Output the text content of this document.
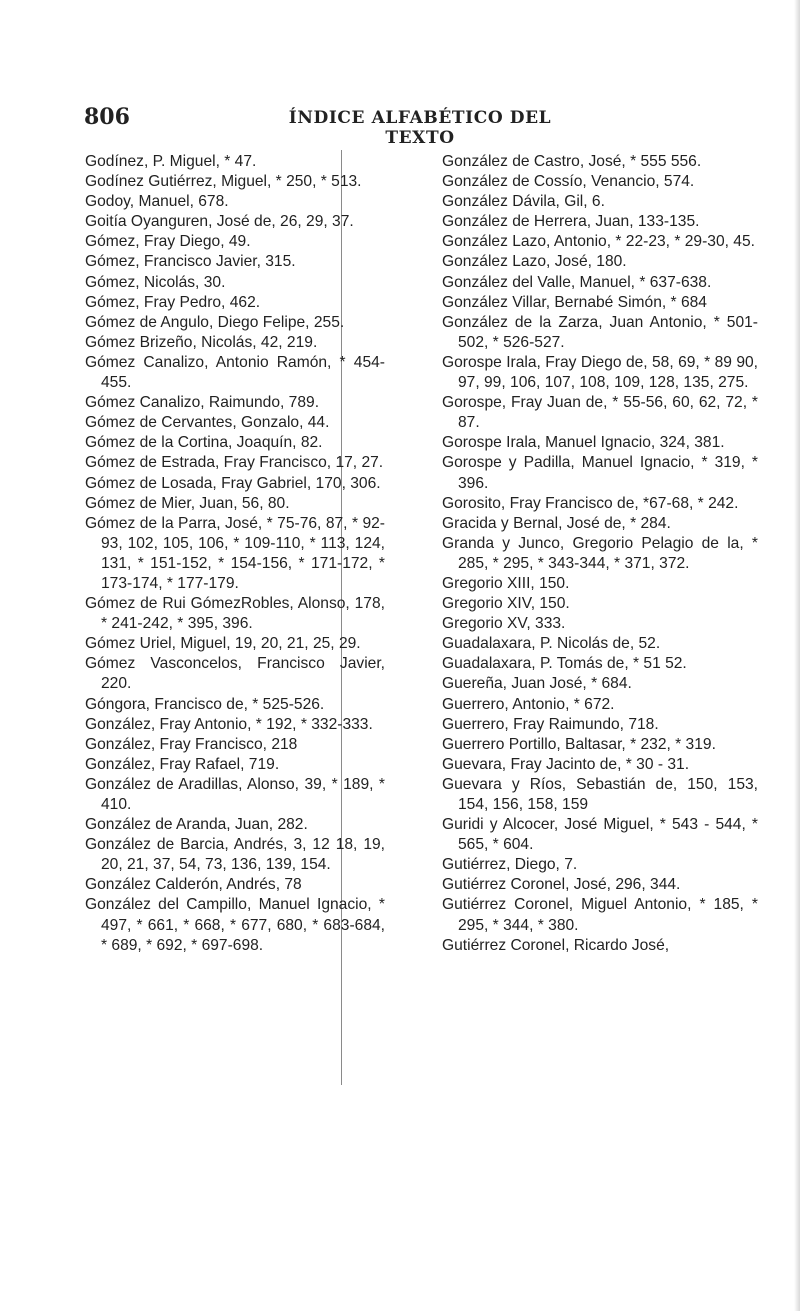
806	ÍNDICE ALFABÉTICO DEL TEXTO

Godínez, P. Miguel, * 47.

Godínez Gutiérrez, Miguel, * 250, * 513.

Godoy, Manuel, 678.

Goitía Oyanguren, José de, 26, 29, 37.

Gómez, Fray Diego, 49.

Gómez, Francisco Javier, 315.

Gómez, Nicolás, 30.

Gómez, Fray Pedro, 462.

Gómez de Angulo, Diego Felipe, 255.

Gómez Brizeño, Nicolás, 42, 219.

Gómez Canalizo, Antonio Ramón, * 454-455.

Gómez Canalizo, Raimundo, 789.

Gómez de Cervantes, Gonzalo, 44.

Gómez de la Cortina, Joaquín, 82.

Gómez de Estrada, Fray Francisco, 17, 27.

Gómez de Losada, Fray Gabriel, 170, 306.

Gómez de Mier, Juan, 56, 80.

Gómez de la Parra, José, * 75-76, 87, * 92-93, 102, 105, 106, * 109-110, * 113, 124, 131, * 151-152, * 154-156, * 171-172, * 173-174, * 177-179.

Gómez de Rui GómezRobles, Alonso, 178, * 241-242, * 395, 396.

Gómez Uriel, Miguel, 19, 20, 21, 25, 29.

Gómez Vasconcelos, Francisco Javier, 220.

Góngora, Francisco de, * 525-526.

González, Fray Antonio, * 192, * 332-333.

González, Fray Francisco, 218

González, Fray Rafael, 719.

González de Aradillas, Alonso, 39, * 189, * 410.

González de Aranda, Juan, 282.

González de Barcia, Andrés, 3, 12 18, 19, 20, 21, 37, 54, 73, 136, 139, 154.

González Calderón, Andrés, 78

González del Campillo, Manuel Ignacio, * 497, * 661, * 668, * 677, 680, * 683-684, * 689, * 692, * 697-698.

González de Castro, José, * 555 556.

González de Cossío, Venancio, 574.

González Dávila, Gil, 6.

González de Herrera, Juan, 133-135.

González Lazo, Antonio, * 22-23, * 29-30, 45.

González Lazo, José, 180.

González del Valle, Manuel, * 637-638.

González Villar, Bernabé Simón, * 684

González de la Zarza, Juan Antonio, * 501-502, * 526-527.

Gorospe Irala, Fray Diego de, 58, 69, * 89 90, 97, 99, 106, 107, 108, 109, 128, 135, 275.

Gorospe, Fray Juan de, * 55-56, 60, 62, 72, * 87.

Gorospe Irala, Manuel Ignacio, 324, 381.

Gorospe y Padilla, Manuel Ignacio, * 319, * 396.

Gorosito, Fray Francisco de, *67-68, * 242.

Gracida y Bernal, José de, * 284.

Granda y Junco, Gregorio Pelagio de la, * 285, * 295, * 343-344, * 371, 372.

Gregorio XIII, 150.

Gregorio XIV, 150.

Gregorio XV, 333.

Guadalaxara, P. Nicolás de, 52.

Guadalaxara, P. Tomás de, * 51 52.

Guereña, Juan José, * 684.

Guerrero, Antonio, * 672.

Guerrero, Fray Raimundo, 718.

Guerrero Portillo, Baltasar, * 232, * 319.

Guevara, Fray Jacinto de, * 30 - 31.

Guevara y Ríos, Sebastián de, 150, 153, 154, 156, 158, 159

Guridi y Alcocer, José Miguel, * 543 - 544, * 565, * 604.

Gutiérrez, Diego, 7.

Gutiérrez Coronel, José, 296, 344.

Gutiérrez Coronel, Miguel Antonio, * 185, * 295, * 344, * 380.

Gutiérrez Coronel, Ricardo José,
